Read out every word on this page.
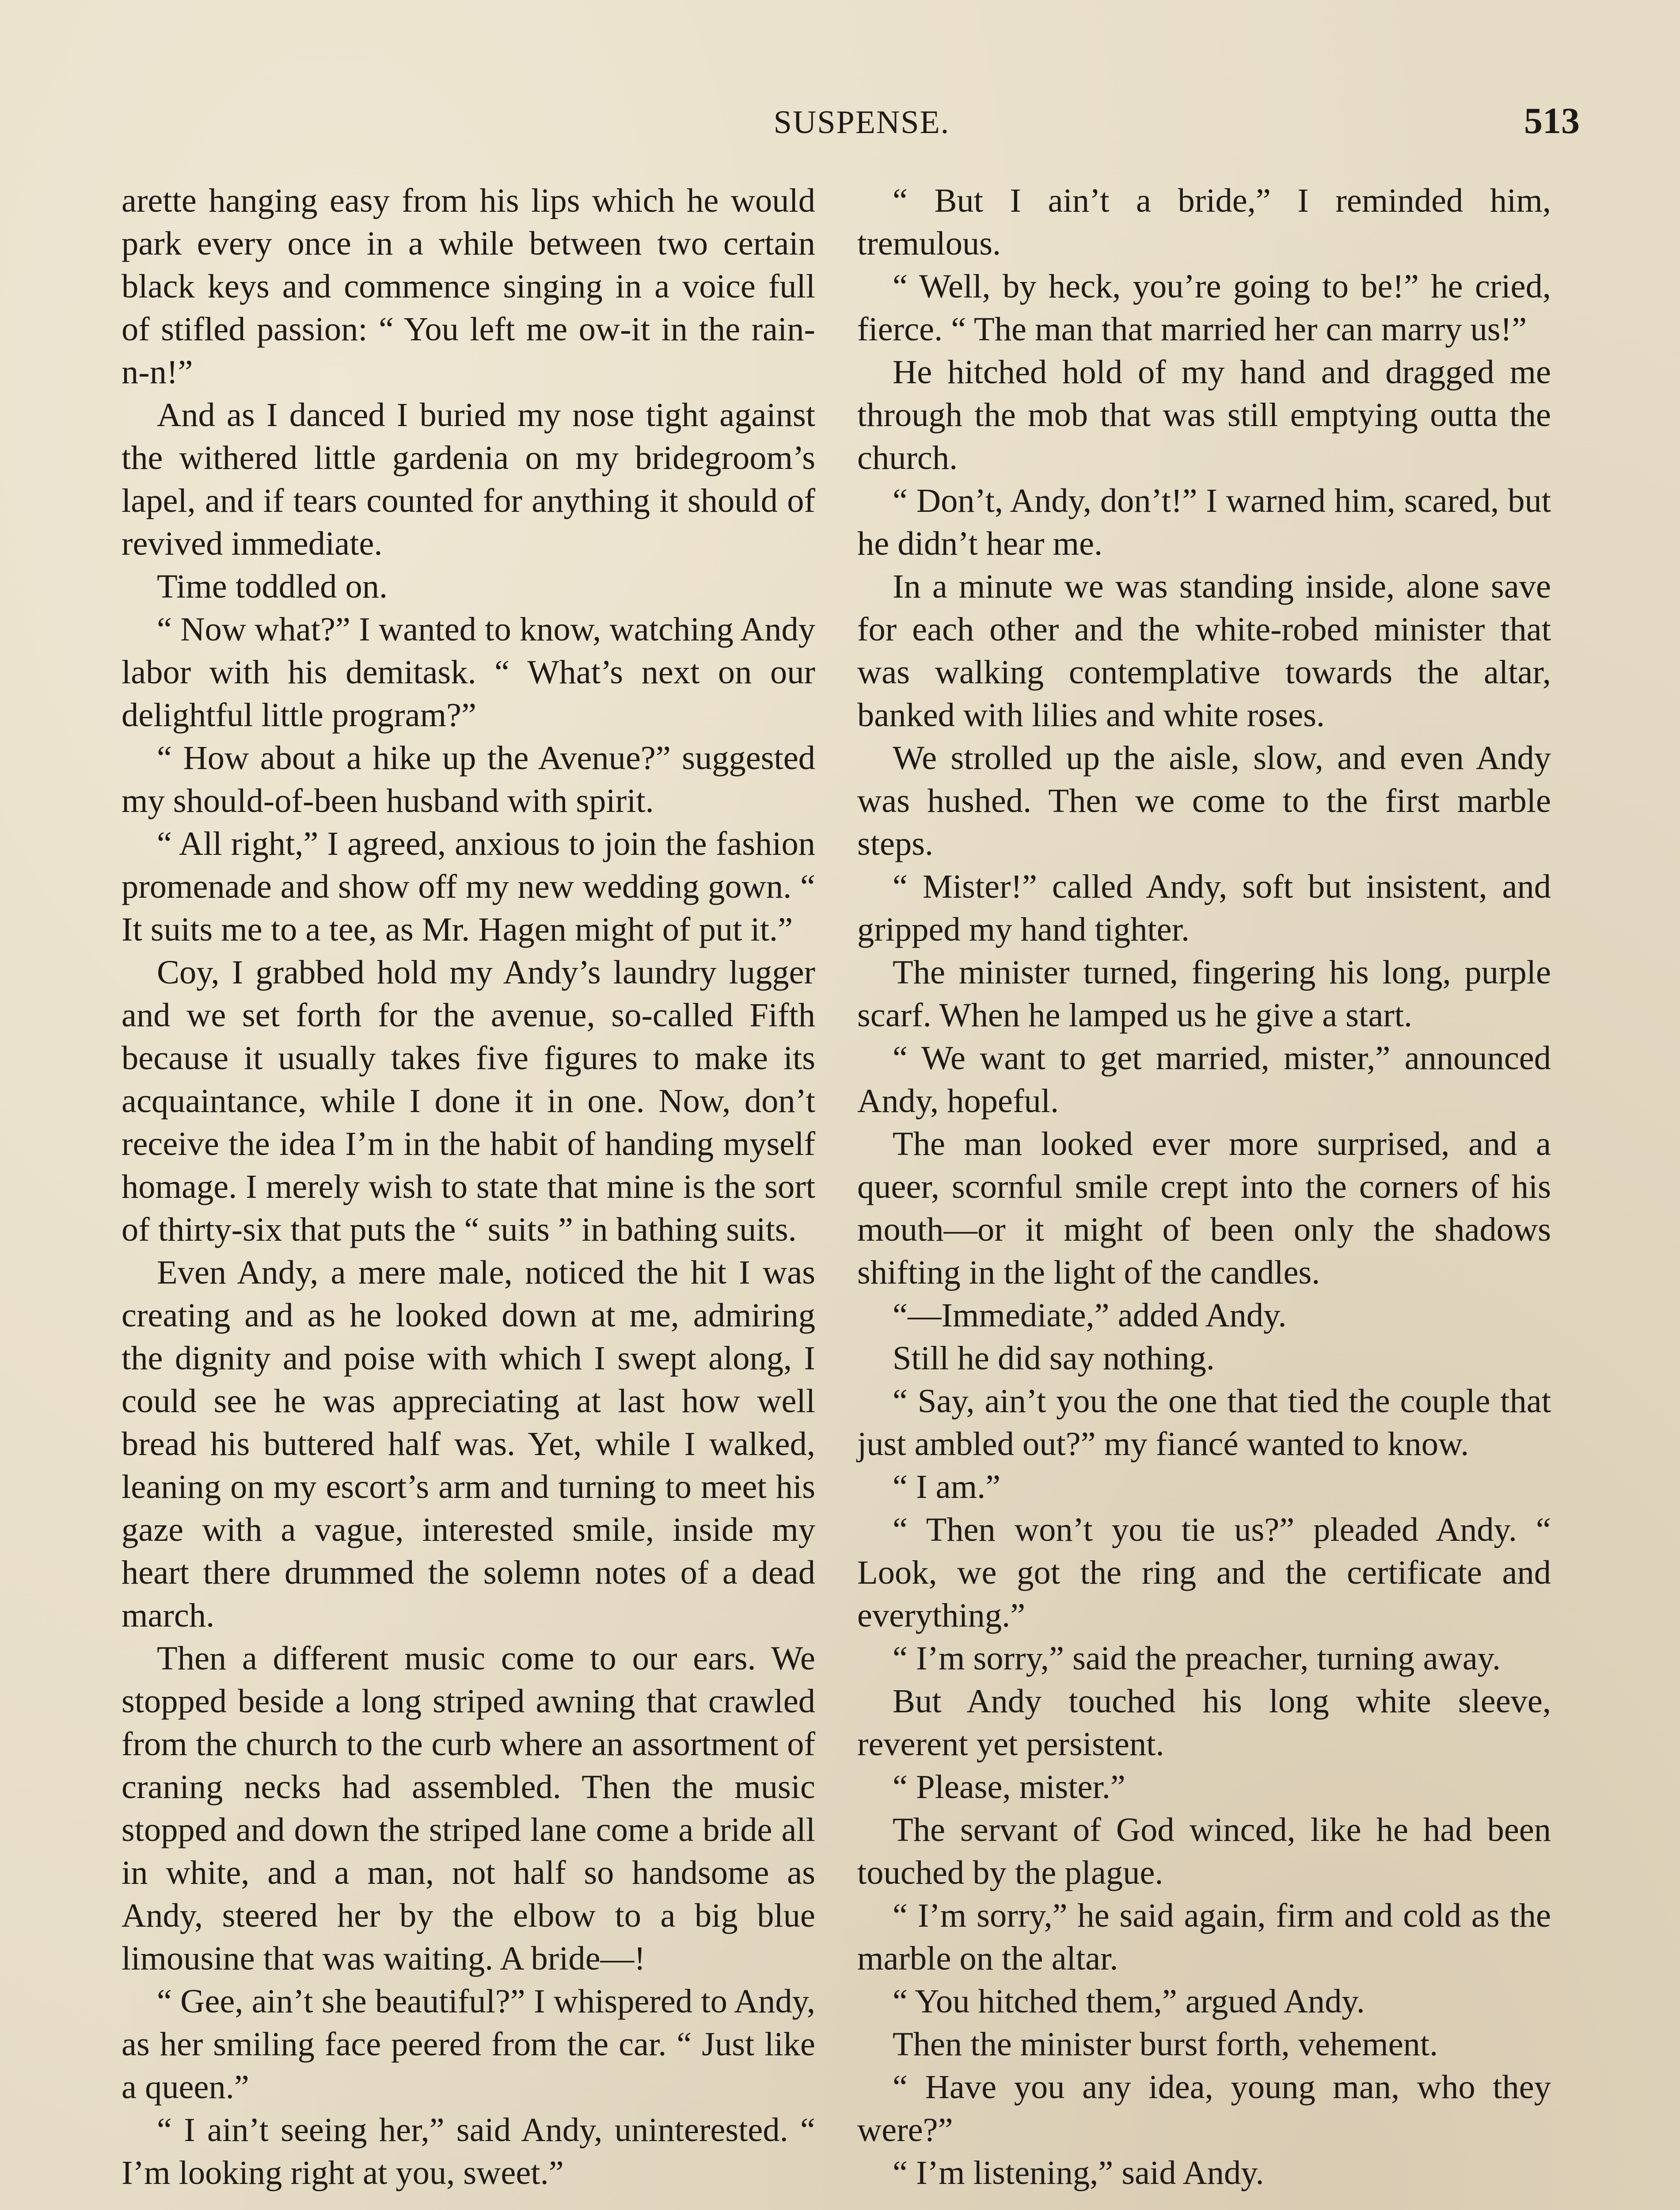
SUSPENSE.	513

arette hanging easy from his lips which he would park every once in a while between two certain black keys and commence singing in a voice full of stifled passion: “ You left me ow-it in the rain-n-n!”

And as I danced I buried my nose tight against the withered little gardenia on my bridegroom’s lapel, and if tears counted for anything it should of revived immediate.

Time toddled on.

“ Now what?” I wanted to know, watching Andy labor with his demitask. “ What’s next on our delightful little program?”

“ How about a hike up the Avenue?” suggested my should-of-been husband with spirit.

“ All right,” I agreed, anxious to join the fashion promenade and show off my new wedding gown. “ It suits me to a tee, as Mr. Hagen might of put it.”

Coy, I grabbed hold my Andy’s laundry lugger and we set forth for the avenue, so-called Fifth because it usually takes five figures to make its acquaintance, while I done it in one. Now, don’t receive the idea I’m in the habit of handing myself homage. I merely wish to state that mine is the sort of thirty-six that puts the “ suits ” in bathing suits.

Even Andy, a mere male, noticed the hit I was creating and as he looked down at me, admiring the dignity and poise with which I swept along, I could see he was appreciating at last how well bread his buttered half was. Yet, while I walked, leaning on my escort’s arm and turning to meet his gaze with a vague, interested smile, inside my heart there drummed the solemn notes of a dead march.

Then a different music come to our ears. We stopped beside a long striped awning that crawled from the church to the curb where an assortment of craning necks had assembled. Then the music stopped and down the striped lane come a bride all in white, and a man, not half so handsome as Andy, steered her by the elbow to a big blue limousine that was waiting. A bride—!

“ Gee, ain’t she beautiful?” I whispered to Andy, as her smiling face peered from the car. “ Just like a queen.”

“ I ain’t seeing her,” said Andy, uninterested. “ I’m looking right at you, sweet.”

“ But I ain’t a bride,” I reminded him, tremulous.

“ Well, by heck, you’re going to be!” he cried, fierce. “ The man that married her can marry us!”

He hitched hold of my hand and dragged me through the mob that was still emptying outta the church.

“ Don’t, Andy, don’t!” I warned him, scared, but he didn’t hear me.

In a minute we was standing inside, alone save for each other and the white-robed minister that was walking contemplative towards the altar, banked with lilies and white roses.

We strolled up the aisle, slow, and even Andy was hushed. Then we come to the first marble steps.

“ Mister!” called Andy, soft but insistent, and gripped my hand tighter.

The minister turned, fingering his long, purple scarf. When he lamped us he give a start.

“ We want to get married, mister,” announced Andy, hopeful.

The man looked ever more surprised, and a queer, scornful smile crept into the corners of his mouth—or it might of been only the shadows shifting in the light of the candles.

“—Immediate,” added Andy.

Still he did say nothing.

“ Say, ain’t you the one that tied the couple that just ambled out?” my fiancé wanted to know.

“ I am.”

“ Then won’t you tie us?” pleaded Andy. “ Look, we got the ring and the certificate and everything.”

“ I’m sorry,” said the preacher, turning away.

But Andy touched his long white sleeve, reverent yet persistent.

“ Please, mister.”

The servant of God winced, like he had been touched by the plague.

“ I’m sorry,” he said again, firm and cold as the marble on the altar.

“ You hitched them,” argued Andy.

Then the minister burst forth, vehement.

“ Have you any idea, young man, who they were?”

“ I’m listening,” said Andy.
